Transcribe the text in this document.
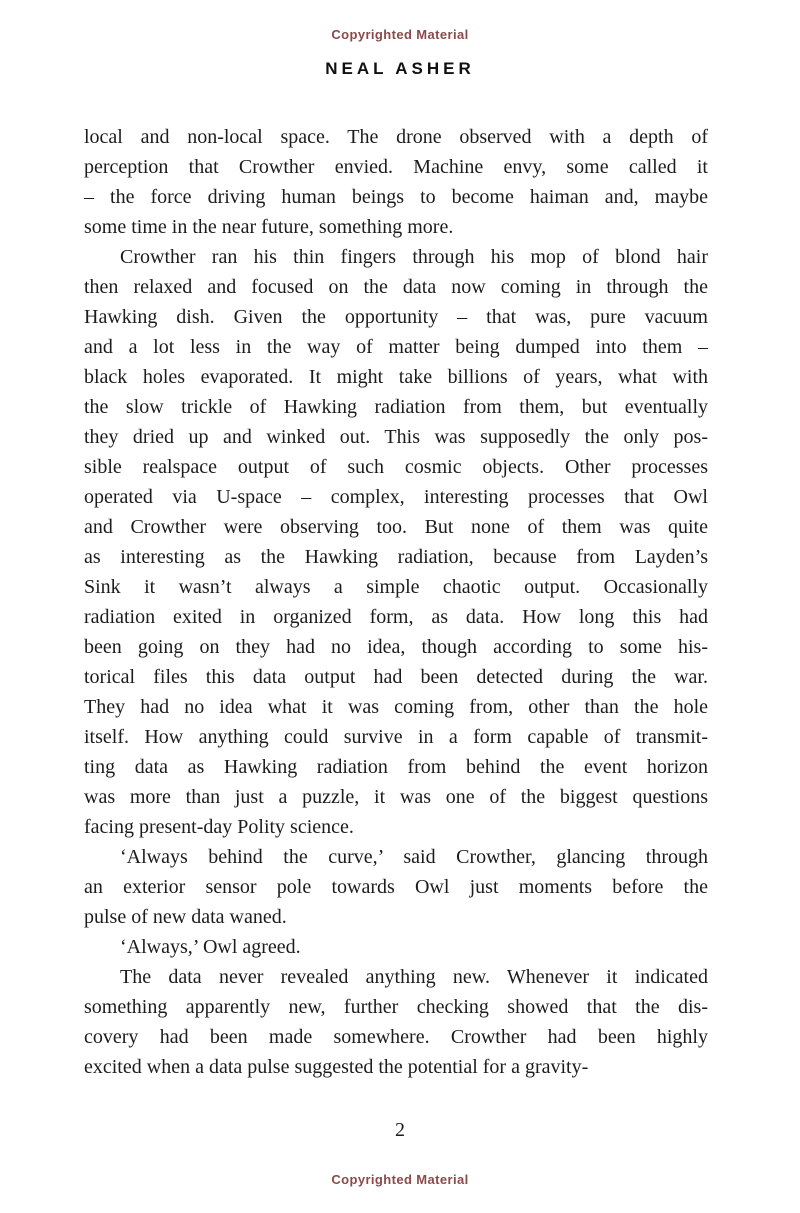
Copyrighted Material
NEAL ASHER
local and non-local space. The drone observed with a depth of
perception that Crowther envied. Machine envy, some called it
– the force driving human beings to become haiman and, maybe
some time in the near future, something more.
Crowther ran his thin fingers through his mop of blond hair
then relaxed and focused on the data now coming in through the
Hawking dish. Given the opportunity – that was, pure vacuum
and a lot less in the way of matter being dumped into them –
black holes evaporated. It might take billions of years, what with
the slow trickle of Hawking radiation from them, but eventually
they dried up and winked out. This was supposedly the only pos-
sible realspace output of such cosmic objects. Other processes
operated via U-space – complex, interesting processes that Owl
and Crowther were observing too. But none of them was quite
as interesting as the Hawking radiation, because from Layden’s
Sink it wasn’t always a simple chaotic output. Occasionally
radiation exited in organized form, as data. How long this had
been going on they had no idea, though according to some his-
torical files this data output had been detected during the war.
They had no idea what it was coming from, other than the hole
itself. How anything could survive in a form capable of transmit-
ting data as Hawking radiation from behind the event horizon
was more than just a puzzle, it was one of the biggest questions
facing present-day Polity science.
‘Always behind the curve,’ said Crowther, glancing through
an exterior sensor pole towards Owl just moments before the
pulse of new data waned.
‘Always,’ Owl agreed.
The data never revealed anything new. Whenever it indicated
something apparently new, further checking showed that the dis-
covery had been made somewhere. Crowther had been highly
excited when a data pulse suggested the potential for a gravity-
2
Copyrighted Material
